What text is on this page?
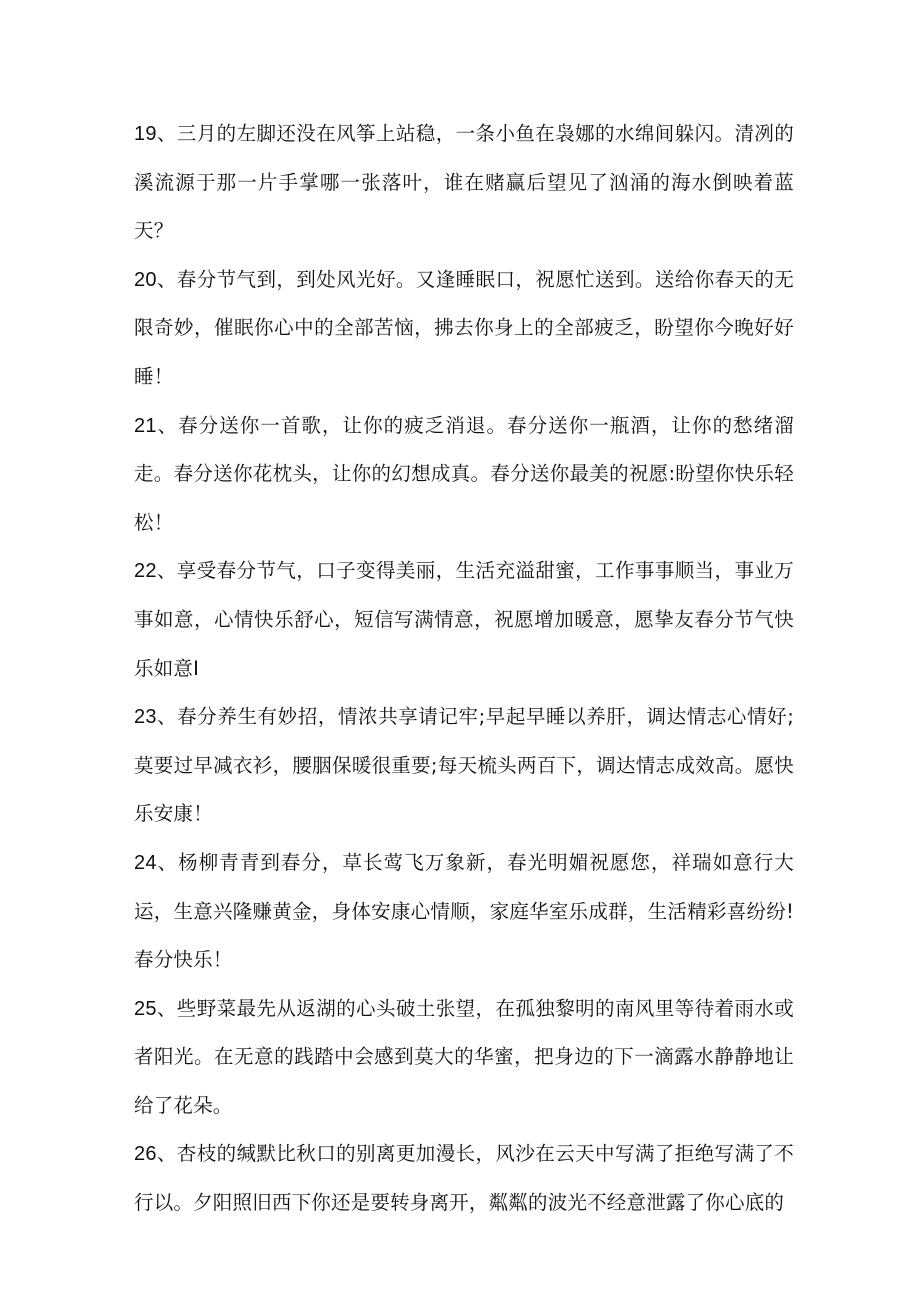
19、三月的左脚还没在风筝上站稳，一条小鱼在袅娜的水绵间躲闪。清冽的溪流源于那一片手掌哪一张落叶，谁在赌赢后望见了汹涌的海水倒映着蓝天？

20、春分节气到，到处风光好。又逢睡眠口，祝愿忙送到。送给你春天的无限奇妙，催眠你心中的全部苦恼，拂去你身上的全部疲乏，盼望你今晚好好睡！

21、春分送你一首歌，让你的疲乏消退。春分送你一瓶酒，让你的愁绪溜走。春分送你花枕头，让你的幻想成真。春分送你最美的祝愿:盼望你快乐轻松！

22、享受春分节气，口子变得美丽，生活充溢甜蜜，工作事事顺当，事业万事如意，心情快乐舒心，短信写满情意，祝愿增加暖意，愿挚友春分节气快乐如意I

23、春分养生有妙招，情浓共享请记牢;早起早睡以养肝，调达情志心情好;莫要过早减衣衫，腰胭保暖很重要;每天梳头两百下，调达情志成效高。愿快乐安康！

24、杨柳青青到春分，草长莺飞万象新，春光明媚祝愿您，祥瑞如意行大运，生意兴隆赚黄金，身体安康心情顺，家庭华室乐成群，生活精彩喜纷纷!春分快乐！

25、些野菜最先从返湖的心头破土张望，在孤独黎明的南风里等待着雨水或者阳光。在无意的践踏中会感到莫大的华蜜，把身边的下一滴露水静静地让给了花朵。

26、杏枝的缄默比秋口的别离更加漫长，风沙在云天中写满了拒绝写满了不行以。夕阳照旧西下你还是要转身离开，粼粼的波光不经意泄露了你心底的
